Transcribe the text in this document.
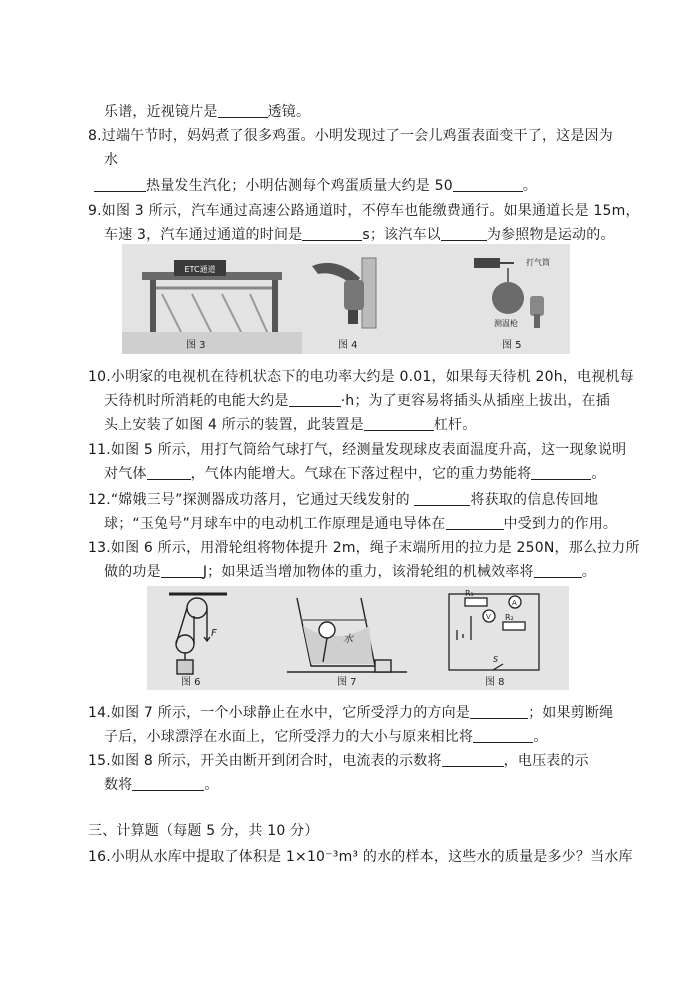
乐谱，近视镜片是	透镜。
8.过端午节时，妈妈煮了很多鸡蛋。小明发现过了一会儿鸡蛋表面变干了，这是因为
水
热量发生汽化；小明估测每个鸡蛋质量大约是 50	。
9.如图 3 所示，汽车通过高速公路通道时，不停车也能缴费通行。如果通道长是 15m，
车速 3，汽车通过通道的时间是	s；该汽车以	为参照物是运动的。
ETC通道
图 3	图 4
打气筒
测温枪
图 5
10.小明家的电视机在待机状态下的电功率大约是 0.01，如果每天待机 20h，电视机每
天待机时所消耗的电能大约是	·h；为了更容易将插头从插座上拔出，在插
头上安装了如图 4 所示的装置，此装置是	杠杆。
11.如图 5 所示，用打气筒给气球打气，经测量发现球皮表面温度升高，这一现象说明
对气体	，气体内能增大。气球在下落过程中，它的重力势能将	。
12.“嫦娥三号”探测器成功落月，它通过天线发射的	将获取的信息传回地
球；“玉兔号”月球车中的电动机工作原理是通电导体在	中受到力的作用。
13.如图 6 所示，用滑轮组将物体提升 2m，绳子末端所用的拉力是 250N，那么拉力所
做的功是	J；如果适当增加物体的重力，该滑轮组的机械效率将	。
F
图 6
水
图 7
R₁
A
V R₂
S
图 8
14.如图 7 所示，一个小球静止在水中，它所受浮力的方向是	；如果剪断绳
子后，小球漂浮在水面上，它所受浮力的大小与原来相比将	。
15.如图 8 所示，开关由断开到闭合时，电流表的示数将	，电压表的示
数将	。
三、计算题（每题 5 分，共 10 分）
16.小明从水库中提取了体积是 1×10⁻³m³ 的水的样本，这些水的质量是多少？当水库
